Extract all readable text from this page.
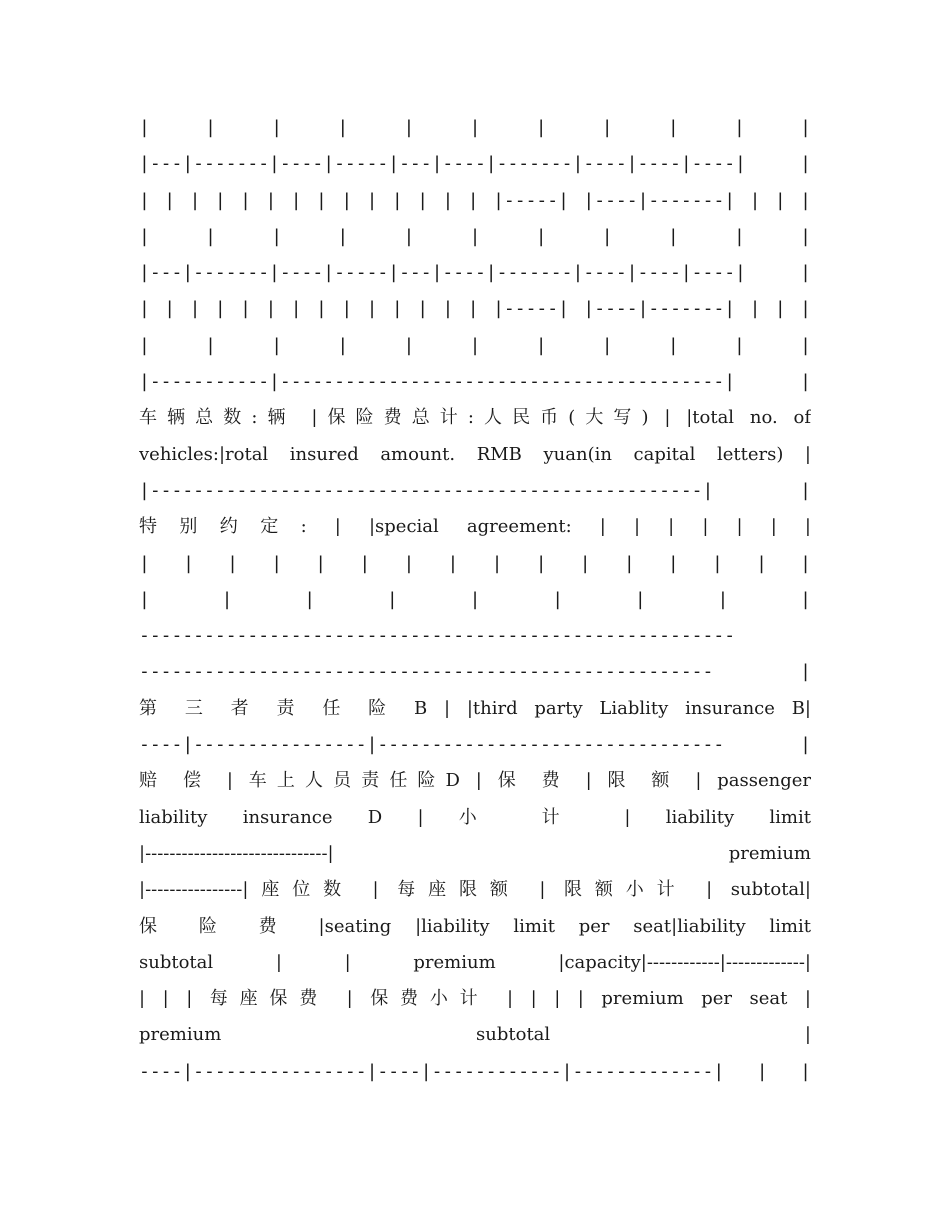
| | | | | | | | | | |
|---|-------|----|-----|---|----|-------|----|----|----| |
| | | | | | | | | | | | | | |-----| |----|-------| | | |
| | | | | | | | | | |
|---|-------|----|-----|---|----|-------|----|----|----| |
| | | | | | | | | | | | | | |-----| |----|-------| | | |
| | | | | | | | | | |
|-----------|-----------------------------------------| |
车辆总数:辆 |保险费总计:人民币(大写) | |total no. of
vehicles:|rotal insured amount. RMB yuan(in capital letters) |
|---------------------------------------------------| |
特别约定: | |special agreement: | | | | | | |
| | | | | | | | | | | | | | | |
| | | | | | | | |
-------------------------------------------------------
----------------------------------------------------- |
第 三 者 责 任 险 B | |third party Liablity insurance B|
----|----------------|-------------------------------- |
赔 偿 | 车上人员责任险D | 保 费 | 限 额 | passenger
liability insurance D | 小 计 | liability limit
|------------------------------| premium
|----------------|座位数 | 每座限额 | 限额小计 | subtotal|
保 险 费 |seating |liability limit per seat|liability limit
subtotal | | premium |capacity|------------|-------------|
| | | 每座保费 | 保费小计 | | | | premium per seat |
premium subtotal |
----|----------------|----|------------|-------------| | |
